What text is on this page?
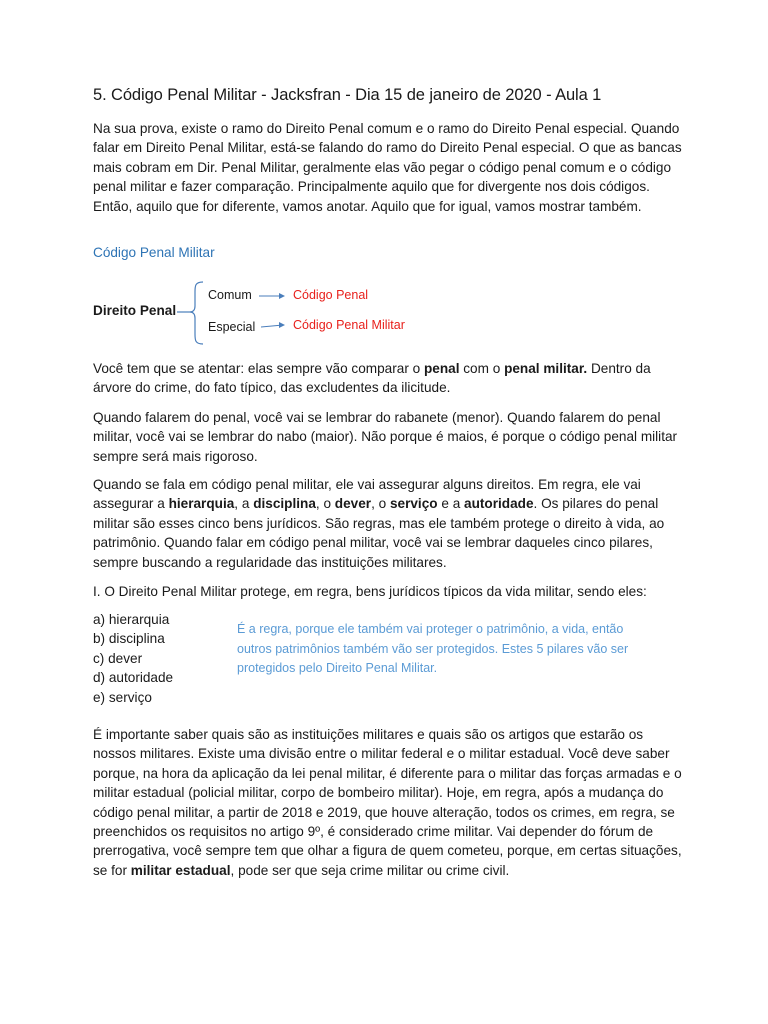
5. Código Penal Militar - Jacksfran - Dia 15 de janeiro de 2020 - Aula 1

Na sua prova, existe o ramo do Direito Penal comum e o ramo do Direito Penal especial. Quando falar em Direito Penal Militar, está-se falando do ramo do Direito Penal especial. O que as bancas mais cobram em Dir. Penal Militar, geralmente elas vão pegar o código penal comum e o código penal militar e fazer comparação. Principalmente aquilo que for divergente nos dois códigos. Então, aquilo que for diferente, vamos anotar. Aquilo que for igual, vamos mostrar também.

Código Penal Militar
Direito Penal
Comum	Código Penal
Especial	Código Penal Militar

Você tem que se atentar: elas sempre vão comparar o penal com o penal militar. Dentro da árvore do crime, do fato típico, das excludentes da ilicitude.

Quando falarem do penal, você vai se lembrar do rabanete (menor). Quando falarem do penal militar, você vai se lembrar do nabo (maior). Não porque é maios, é porque o código penal militar sempre será mais rigoroso.

Quando se fala em código penal militar, ele vai assegurar alguns direitos. Em regra, ele vai assegurar a hierarquia, a disciplina, o dever, o serviço e a autoridade. Os pilares do penal militar são esses cinco bens jurídicos. São regras, mas ele também protege o direito à vida, ao patrimônio. Quando falar em código penal militar, você vai se lembrar daqueles cinco pilares, sempre buscando a regularidade das instituições militares.

I. O Direito Penal Militar protege, em regra, bens jurídicos típicos da vida militar, sendo eles:

a) hierarquia
b) disciplina
c) dever
d) autoridade
e) serviço
É a regra, porque ele também vai proteger o patrimônio, a vida, então outros patrimônios também vão ser protegidos. Estes 5 pilares vão ser protegidos pelo Direito Penal Militar.

É importante saber quais são as instituições militares e quais são os artigos que estarão os nossos militares. Existe uma divisão entre o militar federal e o militar estadual. Você deve saber porque, na hora da aplicação da lei penal militar, é diferente para o militar das forças armadas e o militar estadual (policial militar, corpo de bombeiro militar). Hoje, em regra, após a mudança do código penal militar, a partir de 2018 e 2019, que houve alteração, todos os crimes, em regra, se preenchidos os requisitos no artigo 9º, é considerado crime militar. Vai depender do fórum de prerrogativa, você sempre tem que olhar a figura de quem cometeu, porque, em certas situações, se for militar estadual, pode ser que seja crime militar ou crime civil.
